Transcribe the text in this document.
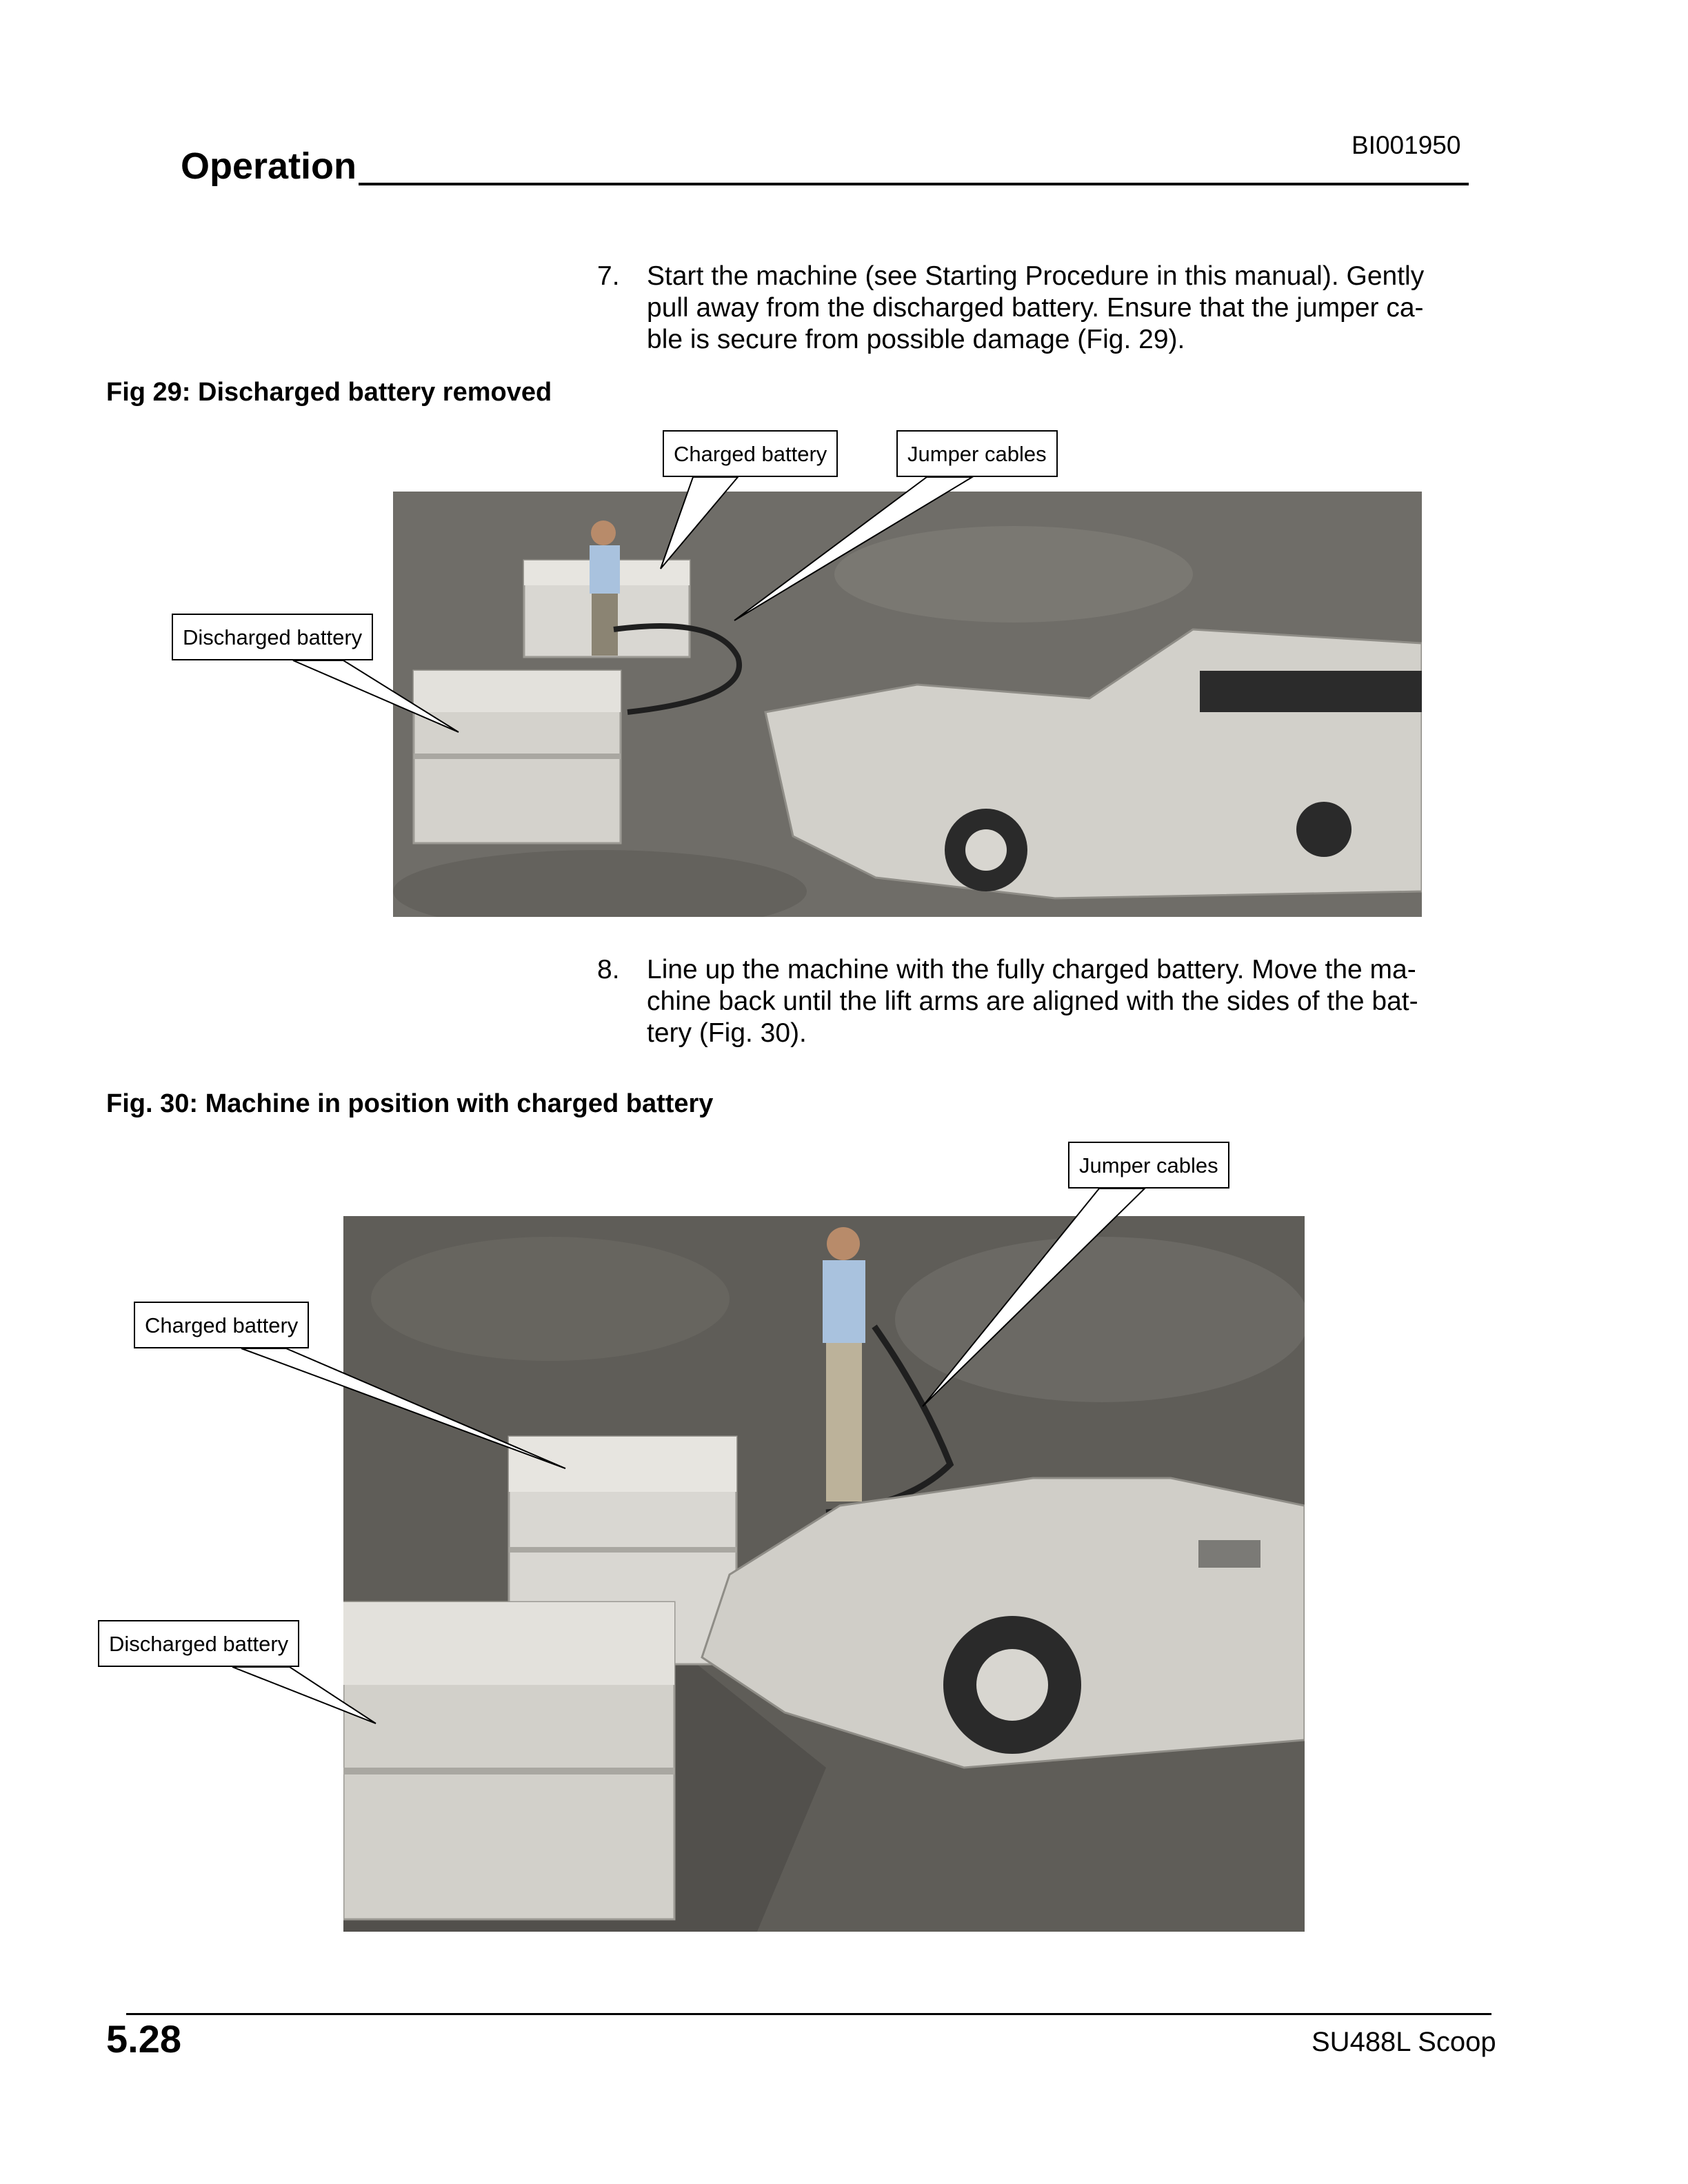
BI001950
Operation
7. Start the machine (see Starting Procedure in this manual). Gently
pull away from the discharged battery. Ensure that the jumper ca-
ble is secure from possible damage (Fig. 29).
Fig 29: Discharged battery removed
Charged battery	Jumper cables
Discharged battery
8. Line up the machine with the fully charged battery. Move the ma-
chine back until the lift arms are aligned with the sides of the bat-
tery (Fig. 30).
Fig. 30: Machine in position with charged battery
Jumper cables
Charged battery
Discharged battery
5.28	SU488L Scoop
